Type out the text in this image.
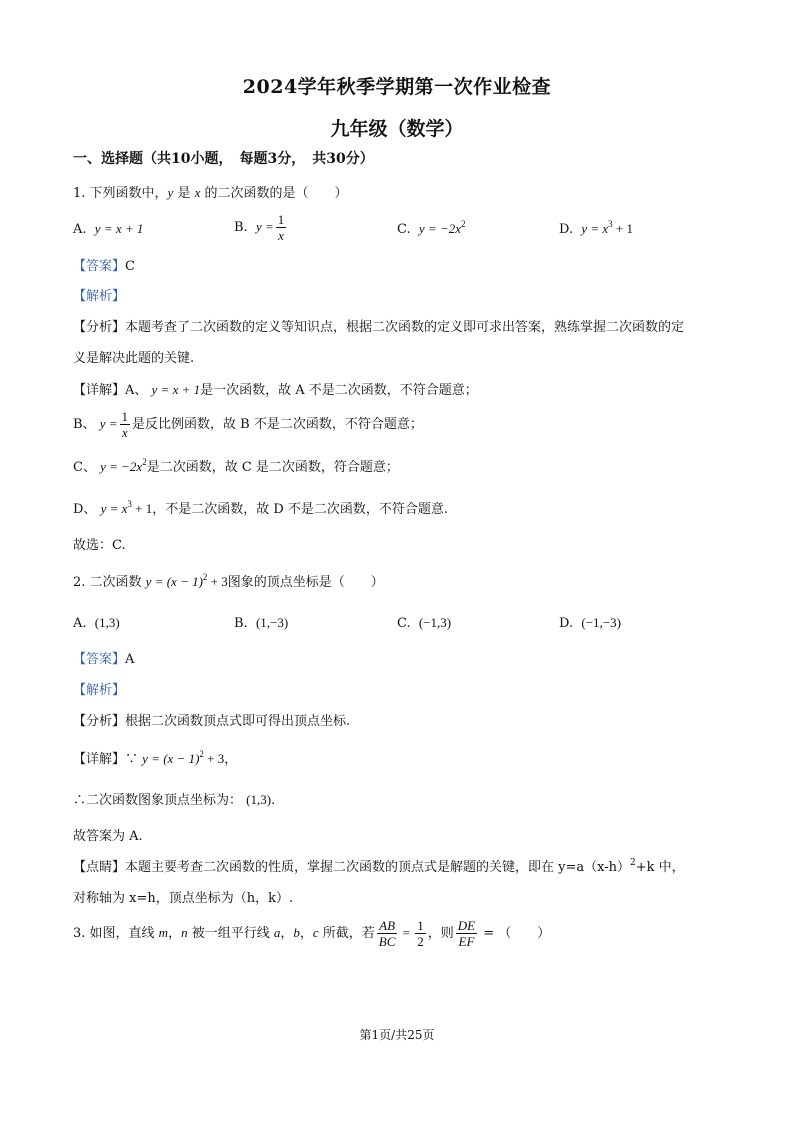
2024学年秋季学期第一次作业检查
九年级（数学）
一、选择题（共10小题，　每题3分，　共30分）
1. 下列函数中，y 是 x 的二次函数的是（　　）
A. y = x + 1	B. $y = \frac{1}{x}$	C. $y = -2x^2$	D. $y = x^3 + 1$
【答案】C
【解析】
【分析】本题考查了二次函数的定义等知识点，根据二次函数的定义即可求出答案，熟练掌握二次函数的定
义是解决此题的关键.
【详解】A、 y = x + 1是一次函数，故 A 不是二次函数，不符合题意；
B、 $y = \frac{1}{x}$ 是反比例函数，故 B 不是二次函数，不符合题意；
C、 $y = -2x^2$是二次函数，故 C 是二次函数，符合题意；
D、 $y = x^3 + 1$，不是二次函数，故 D 不是二次函数，不符合题意.
故选：C.
2. 二次函数 $y = (x - 1)^2 + 3$图象的顶点坐标是（　　）
A. (1,3)	B. (1,−3)	C. (−1,3)	D. (−1,−3)
【答案】A
【解析】
【分析】根据二次函数顶点式即可得出顶点坐标.
【详解】∵ $y = (x - 1)^2 + 3$，
∴二次函数图象顶点坐标为： (1,3).
故答案为 A.
【点睛】本题主要考查二次函数的性质，掌握二次函数的顶点式是解题的关键，即在 $y=a(x-h)^2+k$ 中，
对称轴为 x=h，顶点坐标为（h，k）.
3. 如图，直线 m，n 被一组平行线 a，b，c 所截，若 $\frac{AB}{BC} = \frac{1}{2}$ ，则 $\frac{DE}{EF}$ = （　　）
第1页/共25页
